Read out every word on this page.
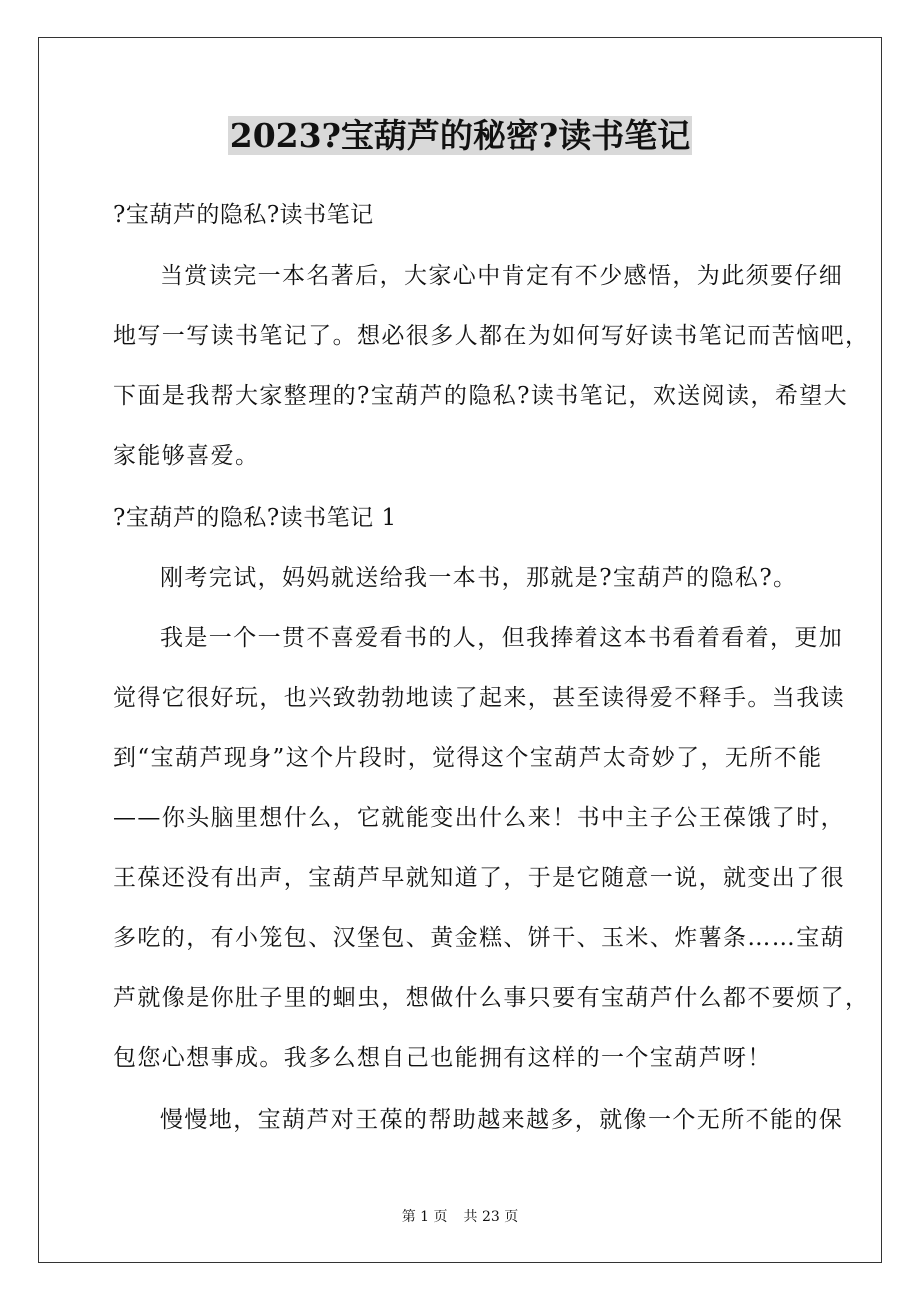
2023?宝葫芦的秘密?读书笔记
?宝葫芦的隐私?读书笔记
当赏读完一本名著后，大家心中肯定有不少感悟，为此须要仔细
地写一写读书笔记了。想必很多人都在为如何写好读书笔记而苦恼吧，
下面是我帮大家整理的?宝葫芦的隐私?读书笔记，欢送阅读，希望大
家能够喜爱。
?宝葫芦的隐私?读书笔记 1
刚考完试，妈妈就送给我一本书，那就是?宝葫芦的隐私?。
我是一个一贯不喜爱看书的人，但我捧着这本书看着看着，更加
觉得它很好玩，也兴致勃勃地读了起来，甚至读得爱不释手。当我读
到“宝葫芦现身”这个片段时，觉得这个宝葫芦太奇妙了，无所不能
——你头脑里想什么，它就能变出什么来！书中主子公王葆饿了时，
王葆还没有出声，宝葫芦早就知道了，于是它随意一说，就变出了很
多吃的，有小笼包、汉堡包、黄金糕、饼干、玉米、炸薯条……宝葫
芦就像是你肚子里的蛔虫，想做什么事只要有宝葫芦什么都不要烦了，
包您心想事成。我多么想自己也能拥有这样的一个宝葫芦呀！
慢慢地，宝葫芦对王葆的帮助越来越多，就像一个无所不能的保
第 1 页 共 23 页
